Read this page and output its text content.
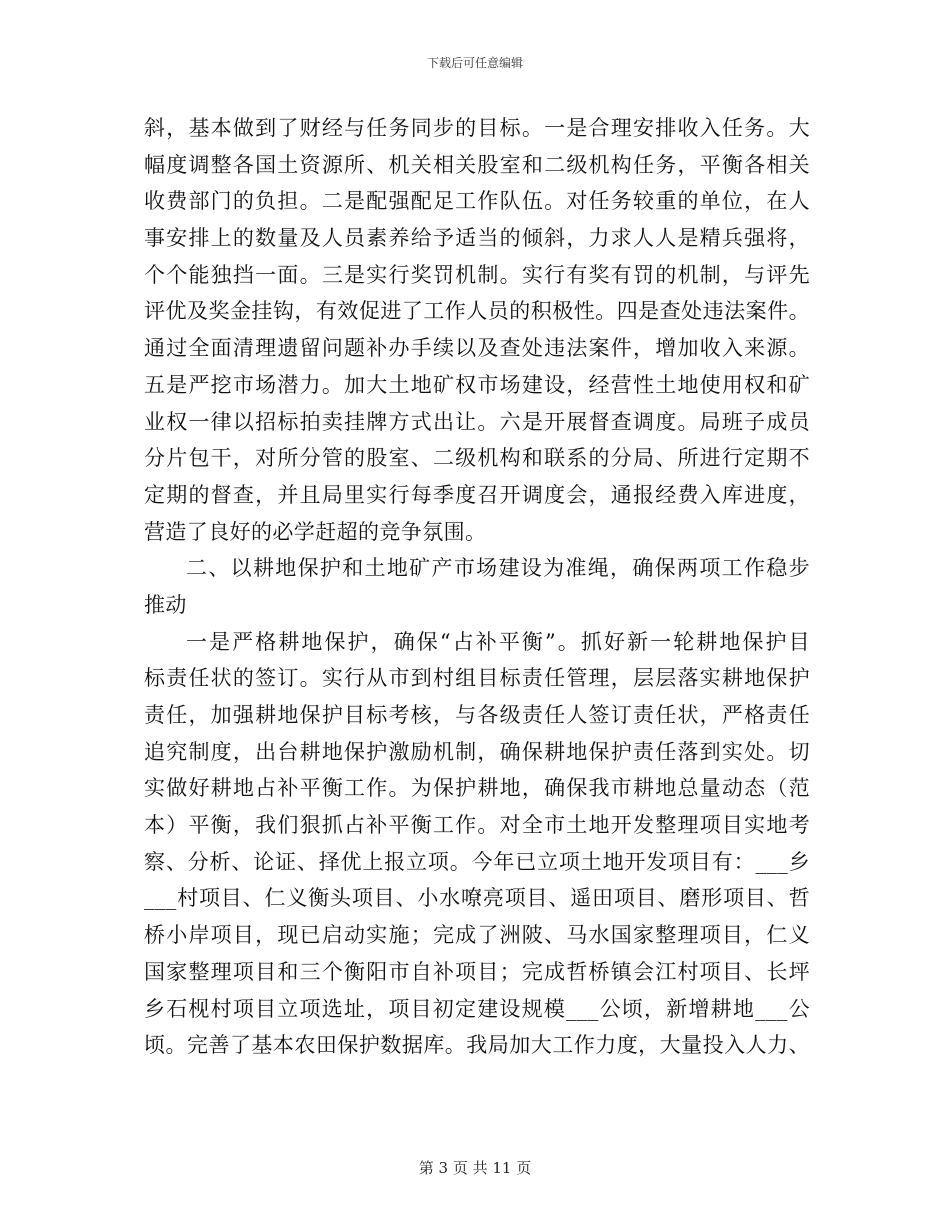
下载后可任意编辑
斜，基本做到了财经与任务同步的目标。一是合理安排收入任务。大
幅度调整各国土资源所、机关相关股室和二级机构任务，平衡各相关
收费部门的负担。二是配强配足工作队伍。对任务较重的单位，在人
事安排上的数量及人员素养给予适当的倾斜，力求人人是精兵强将，
个个能独挡一面。三是实行奖罚机制。实行有奖有罚的机制，与评先
评优及奖金挂钩，有效促进了工作人员的积极性。四是查处违法案件。
通过全面清理遗留问题补办手续以及查处违法案件，增加收入来源。
五是严挖市场潜力。加大土地矿权市场建设，经营性土地使用权和矿
业权一律以招标拍卖挂牌方式出让。六是开展督查调度。局班子成员
分片包干，对所分管的股室、二级机构和联系的分局、所进行定期不
定期的督查，并且局里实行每季度召开调度会，通报经费入库进度，
营造了良好的必学赶超的竞争氛围。
二、以耕地保护和土地矿产市场建设为准绳，确保两项工作稳步
推动
一是严格耕地保护，确保“占补平衡”。抓好新一轮耕地保护目
标责任状的签订。实行从市到村组目标责任管理，层层落实耕地保护
责任，加强耕地保护目标考核，与各级责任人签订责任状，严格责任
追究制度，出台耕地保护激励机制，确保耕地保护责任落到实处。切
实做好耕地占补平衡工作。为保护耕地，确保我市耕地总量动态（范
本）平衡，我们狠抓占补平衡工作。对全市土地开发整理项目实地考
察、分析、论证、择优上报立项。今年已立项土地开发项目有：___乡
___村项目、仁义衡头项目、小水嘹亮项目、遥田项目、磨形项目、哲
桥小岸项目，现已启动实施；完成了洲陂、马水国家整理项目，仁义
国家整理项目和三个衡阳市自补项目；完成哲桥镇会江村项目、长坪
乡石枧村项目立项选址，项目初定建设规模___公顷，新增耕地___公
顷。完善了基本农田保护数据库。我局加大工作力度，大量投入人力、
第 3 页 共 11 页
